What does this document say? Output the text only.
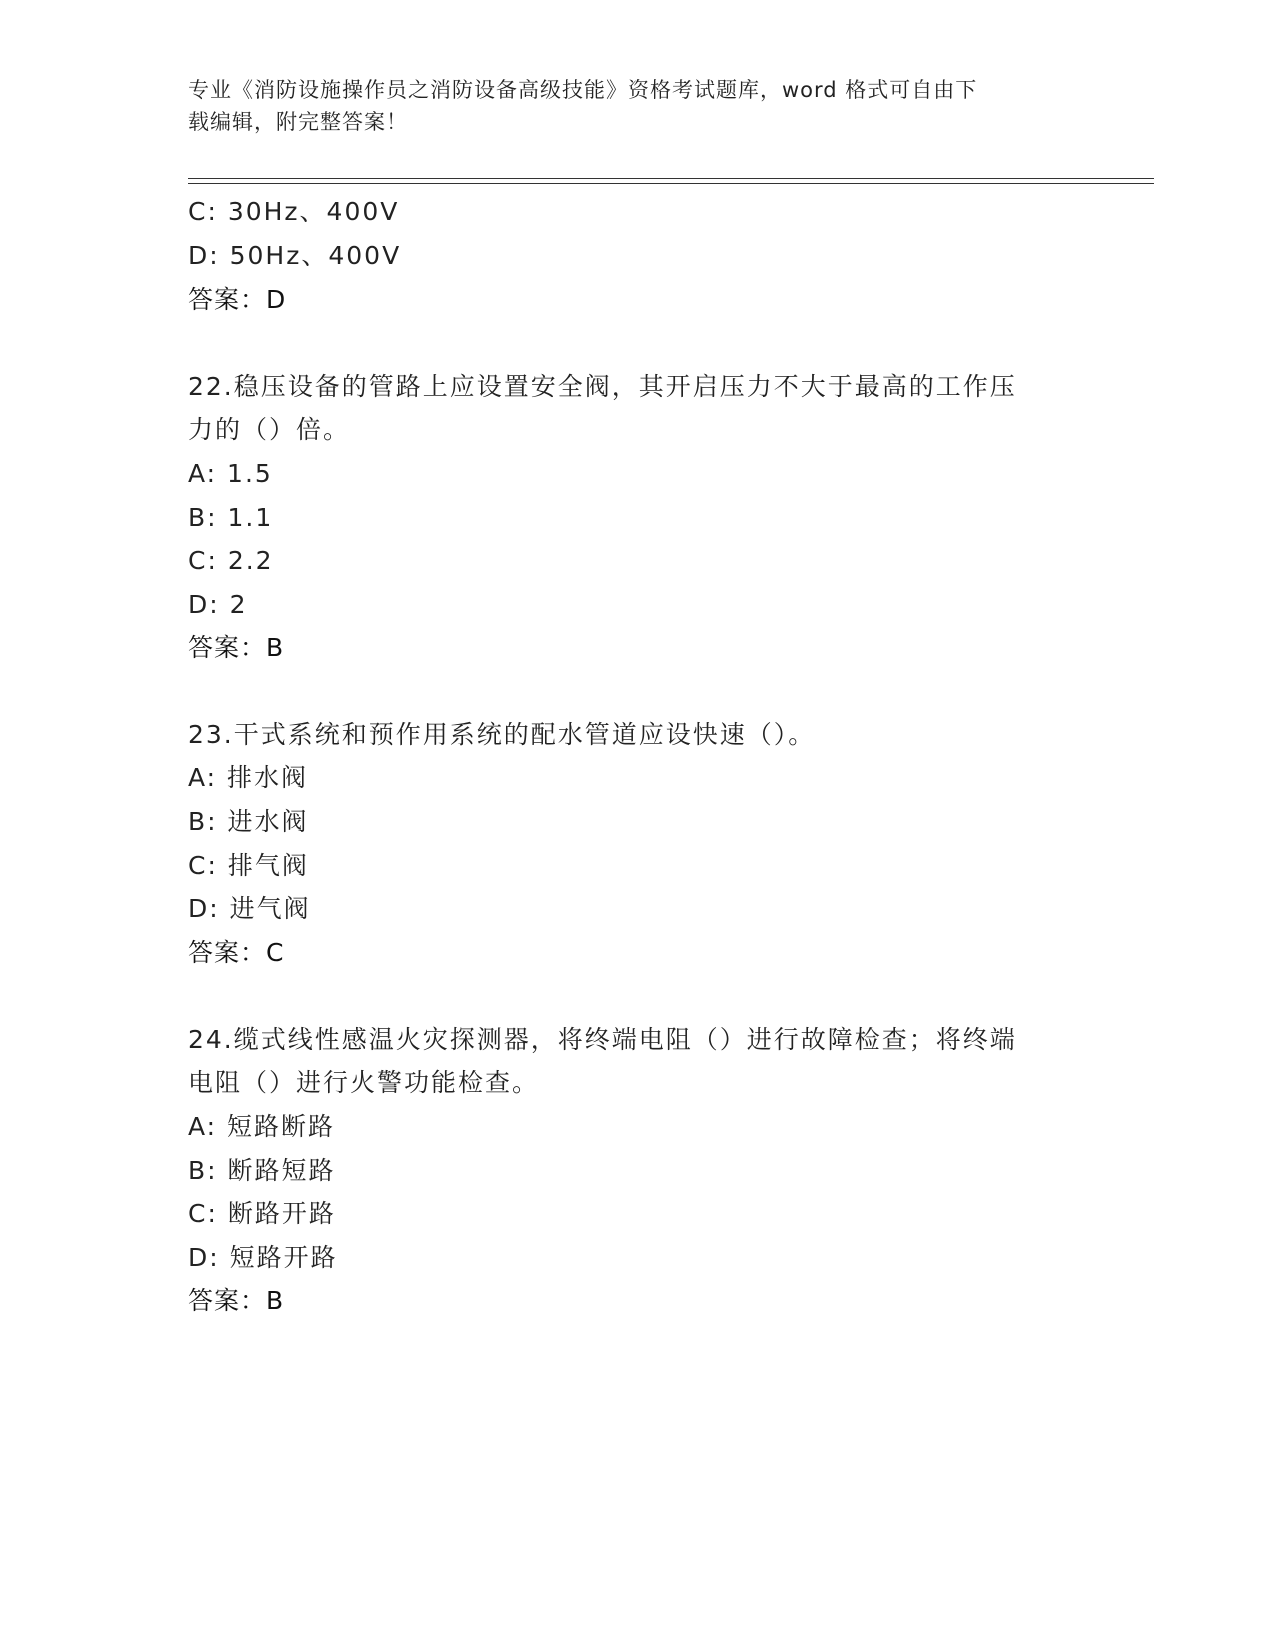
专业《消防设施操作员之消防设备高级技能》资格考试题库，word 格式可自由下
载编辑，附完整答案！
C: 30Hz、400V
D: 50Hz、400V
答案：D
22.稳压设备的管路上应设置安全阀，其开启压力不大于最高的工作压
力的（）倍。
A: 1.5
B: 1.1
C: 2.2
D: 2
答案：B
23.干式系统和预作用系统的配水管道应设快速（）。
A: 排水阀
B: 进水阀
C: 排气阀
D: 进气阀
答案：C
24.缆式线性感温火灾探测器，将终端电阻（）进行故障检查；将终端
电阻（）进行火警功能检查。
A: 短路断路
B: 断路短路
C: 断路开路
D: 短路开路
答案：B
